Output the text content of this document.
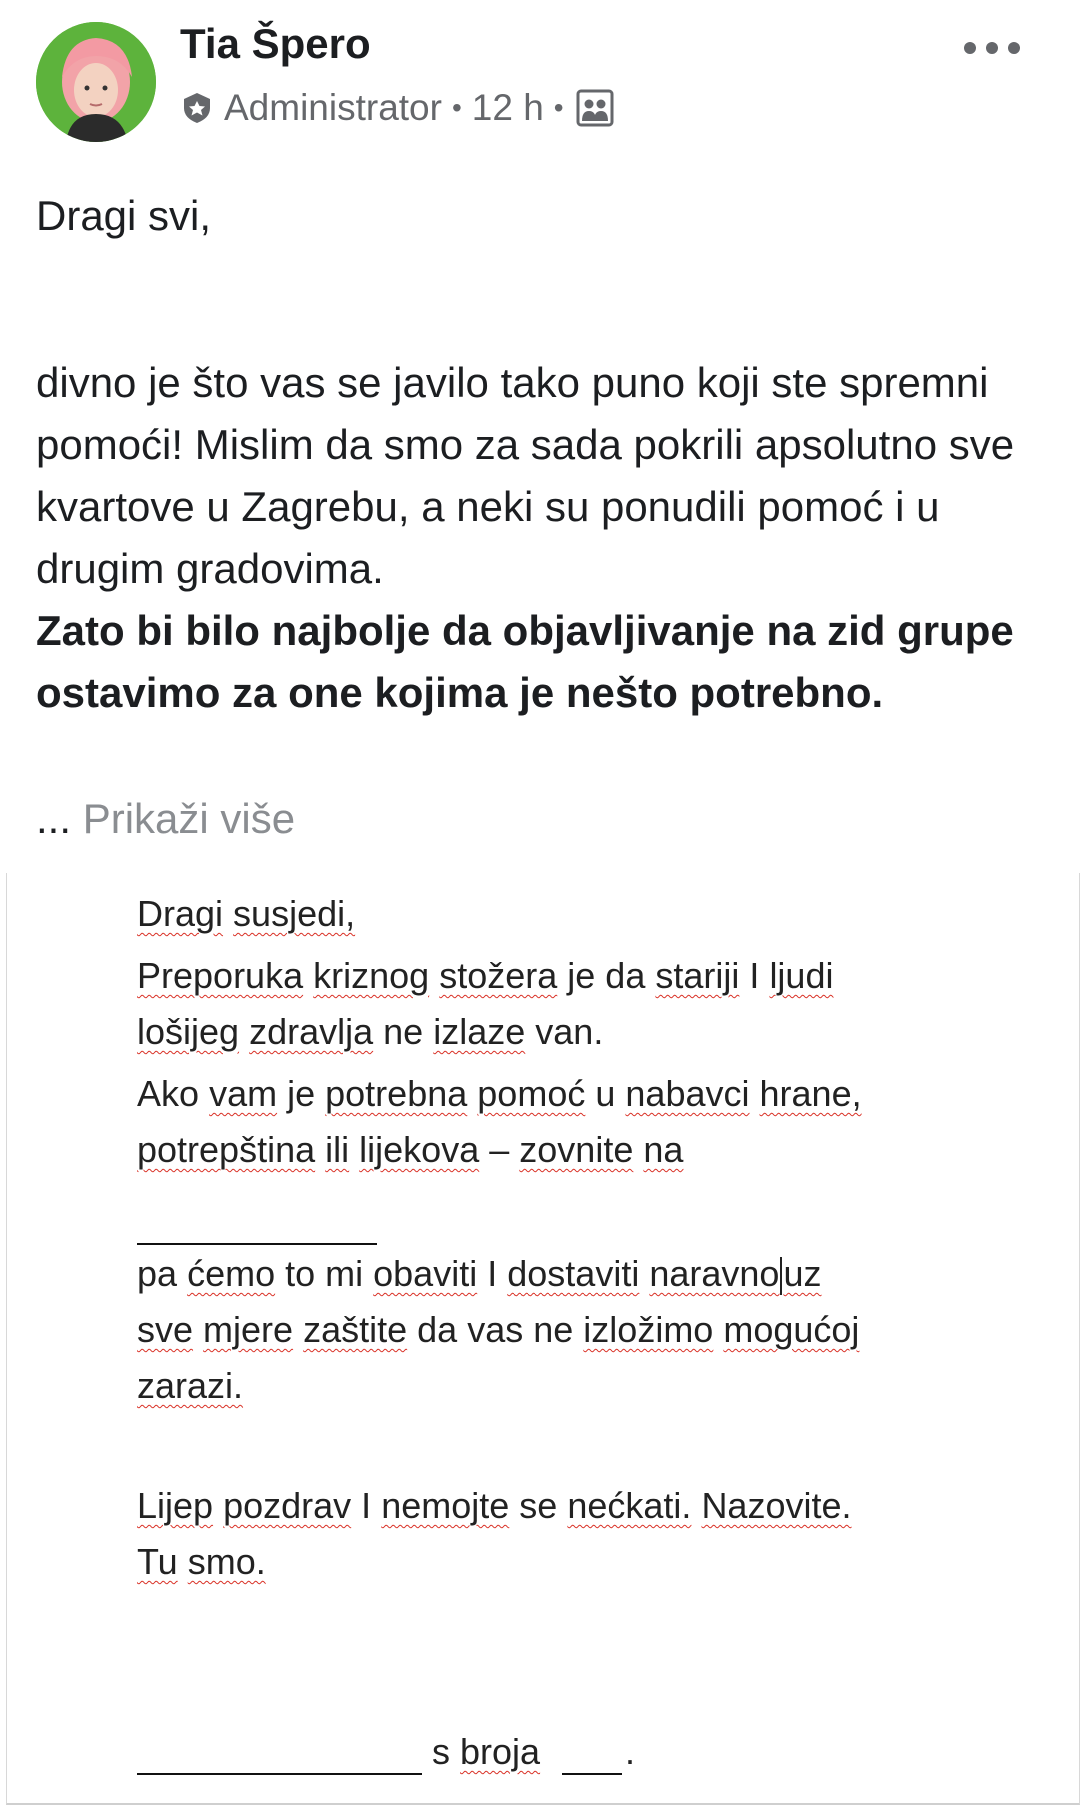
Tia Špero
Administrator • 12 h •
Dragi svi,
divno je što vas se javilo tako puno koji ste spremni pomoći! Mislim da smo za sada pokrili apsolutno sve kvartove u Zagrebu, a neki su ponudili pomoć i u drugim gradovima.
Zato bi bilo najbolje da objavljivanje na zid grupe ostavimo za one kojima je nešto potrebno.
... Prikaži više
Dragi susjedi,
Preporuka kriznog stožera je da stariji I ljudi
lošijeg zdravlja ne izlaze van.
Ako vam je potrebna pomoć u nabavci hrane,
potrepština ili lijekova – zovnite na
pa ćemo to mi obaviti I dostaviti naravno uz
sve mjere zaštite da vas ne izložimo mogućoj
zarazi.
Lijep pozdrav I nemojte se nećkati. Nazovite.
Tu smo.
s broja .
